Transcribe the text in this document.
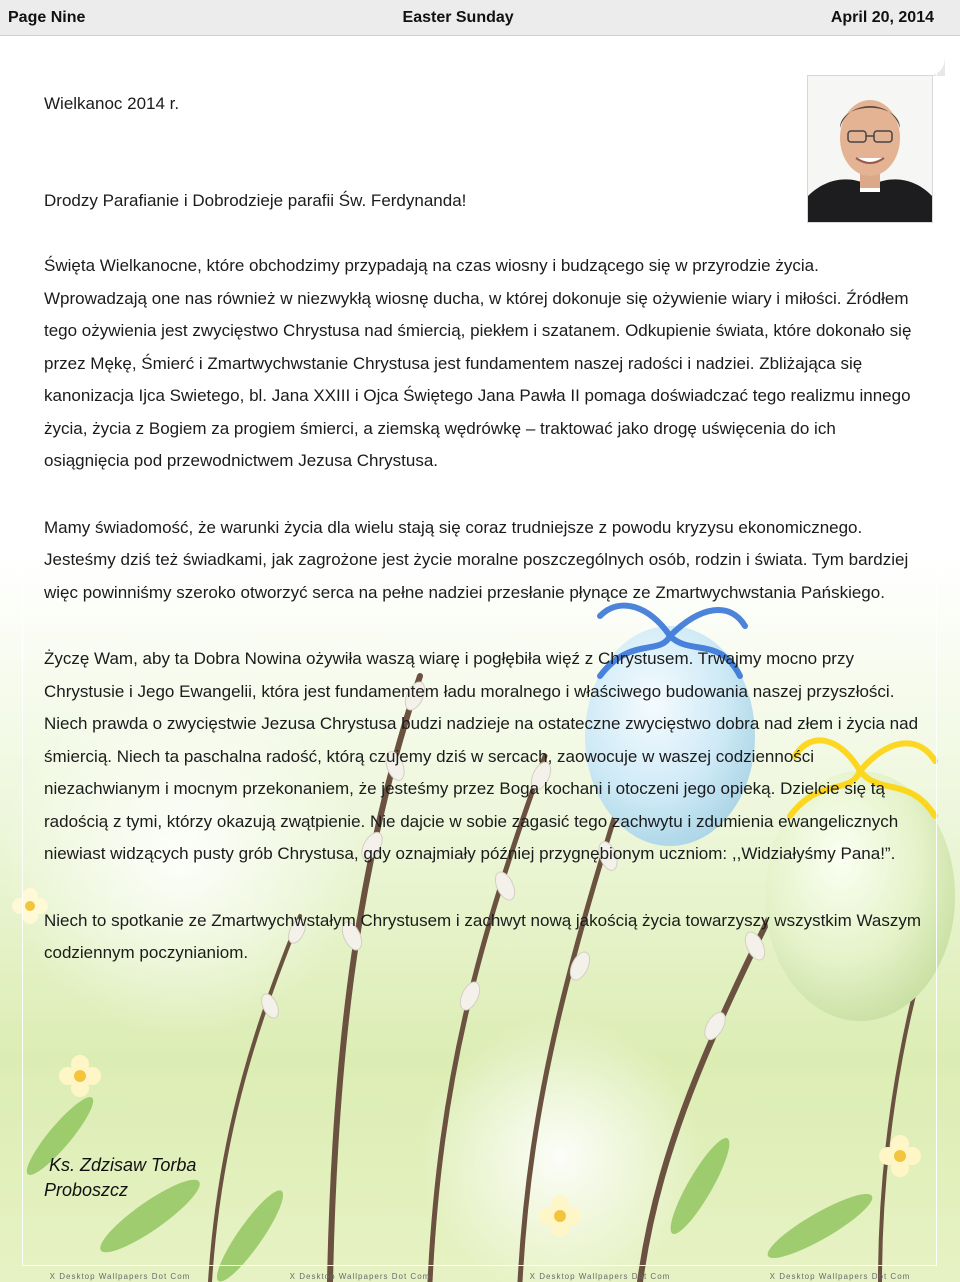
Page Nine	Easter Sunday	April 20, 2014

Wielkanoc 2014 r.

Drodzy Parafianie i Dobrodzieje parafii Św. Ferdynanda!

Święta Wielkanocne, które obchodzimy przypadają na czas wiosny i budzącego się w przyrodzie życia. Wprowadzają one nas również w niezwykłą wiosnę ducha, w której dokonuje się ożywienie wiary i miłości. Źródłem tego ożywienia jest zwycięstwo Chrystusa nad śmiercią, piekłem i szatanem. Odkupienie świata, które dokonało się przez Mękę, Śmierć i Zmartwychwstanie Chrystusa jest fundamentem naszej radości i nadziei. Zbliżająca się kanonizacja Ijca Swietego, bl. Jana XXIII i Ojca Świętego Jana Pawła II pomaga doświadczać tego realizmu innego życia, życia z Bogiem za progiem śmierci, a ziemską wędrówkę – traktować jako drogę uświęcenia do ich osiągnięcia pod przewodnictwem Jezusa Chrystusa.

Mamy świadomość, że warunki życia dla wielu stają się coraz trudniejsze z powodu kryzysu ekonomicznego. Jesteśmy dziś też świadkami, jak zagrożone jest życie moralne poszczególnych osób, rodzin i świata. Tym bardziej więc powinniśmy szeroko otworzyć serca na pełne nadziei przesłanie płynące ze Zmartwychwstania Pańskiego.

Życzę Wam, aby ta Dobra Nowina ożywiła waszą wiarę i pogłębiła więź z Chrystusem. Trwajmy mocno przy Chrystusie i Jego Ewangelii, która jest fundamentem ładu moralnego i właściwego budowania naszej przyszłości. Niech prawda o zwycięstwie Jezusa Chrystusa budzi nadzieje na ostateczne zwycięstwo dobra nad złem i życia nad śmiercią. Niech ta paschalna radość, którą czujemy dziś w sercach, zaowocuje w waszej codzienności niezachwianym i mocnym przekonaniem, że jesteśmy przez Boga kochani i otoczeni jego opieką. Dzielcie się tą radością z tymi, którzy okazują zwątpienie. Nie dajcie w sobie zagasić tego zachwytu i zdumienia ewangelicznych niewiast widzących pusty grób Chrystusa, gdy oznajmiały później przygnębionym uczniom: ,,Widziałyśmy Pana!”.

Niech to spotkanie ze Zmartwychwstałym Chrystusem i zachwyt nową jakością życia towarzyszy wszystkim Waszym codziennym poczynianiom.

Ks. Zdzisaw Torba
Proboszcz
X Desktop Wallpapers Dot Com	X Desktop Wallpapers Dot Com	X Desktop Wallpapers Dot Com	X Desktop Wallpapers Dot Com
